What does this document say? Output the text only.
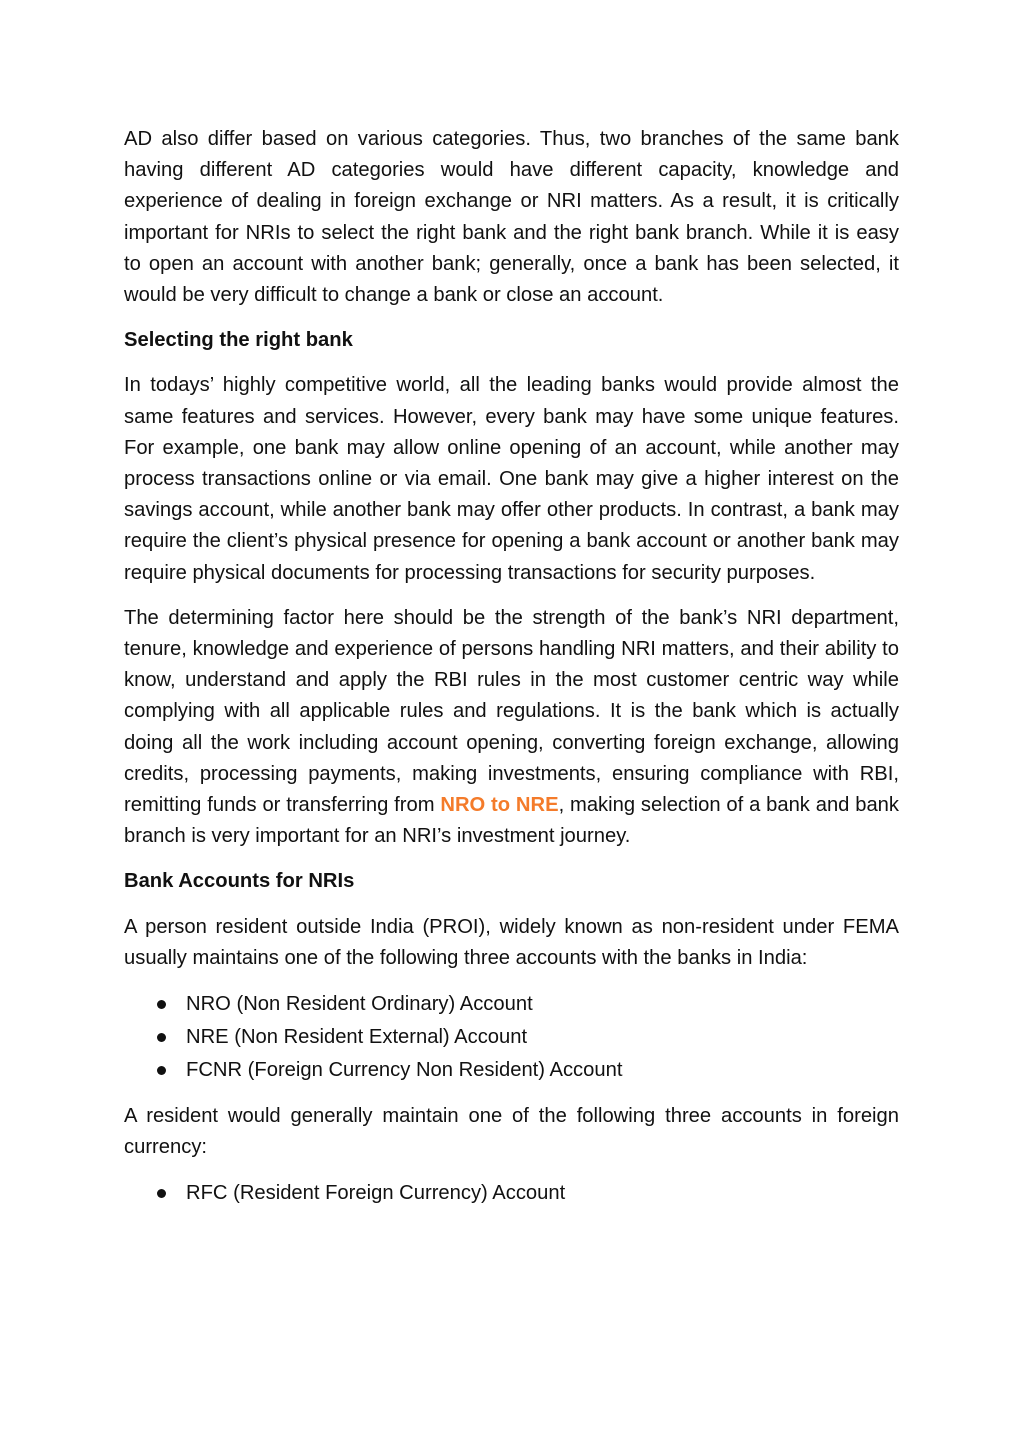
AD also differ based on various categories. Thus, two branches of the same bank having different AD categories would have different capacity, knowledge and experience of dealing in foreign exchange or NRI matters. As a result, it is critically important for NRIs to select the right bank and the right bank branch. While it is easy to open an account with another bank; generally, once a bank has been selected, it would be very difficult to change a bank or close an account.

Selecting the right bank

In todays’ highly competitive world, all the leading banks would provide almost the same features and services. However, every bank may have some unique features. For example, one bank may allow online opening of an account, while another may process transactions online or via email. One bank may give a higher interest on the savings account, while another bank may offer other products. In contrast, a bank may require the client’s physical presence for opening a bank account or another bank may require physical documents for processing transactions for security purposes.

The determining factor here should be the strength of the bank’s NRI department, tenure, knowledge and experience of persons handling NRI matters, and their ability to know, understand and apply the RBI rules in the most customer centric way while complying with all applicable rules and regulations. It is the bank which is actually doing all the work including account opening, converting foreign exchange, allowing credits, processing payments, making investments, ensuring compliance with RBI, remitting funds or transferring from NRO to NRE, making selection of a bank and bank branch is very important for an NRI’s investment journey.

Bank Accounts for NRIs

A person resident outside India (PROI), widely known as non-resident under FEMA usually maintains one of the following three accounts with the banks in India:

NRO (Non Resident Ordinary) Account
NRE (Non Resident External) Account
FCNR (Foreign Currency Non Resident) Account

A resident would generally maintain one of the following three accounts in foreign currency:

RFC (Resident Foreign Currency) Account
